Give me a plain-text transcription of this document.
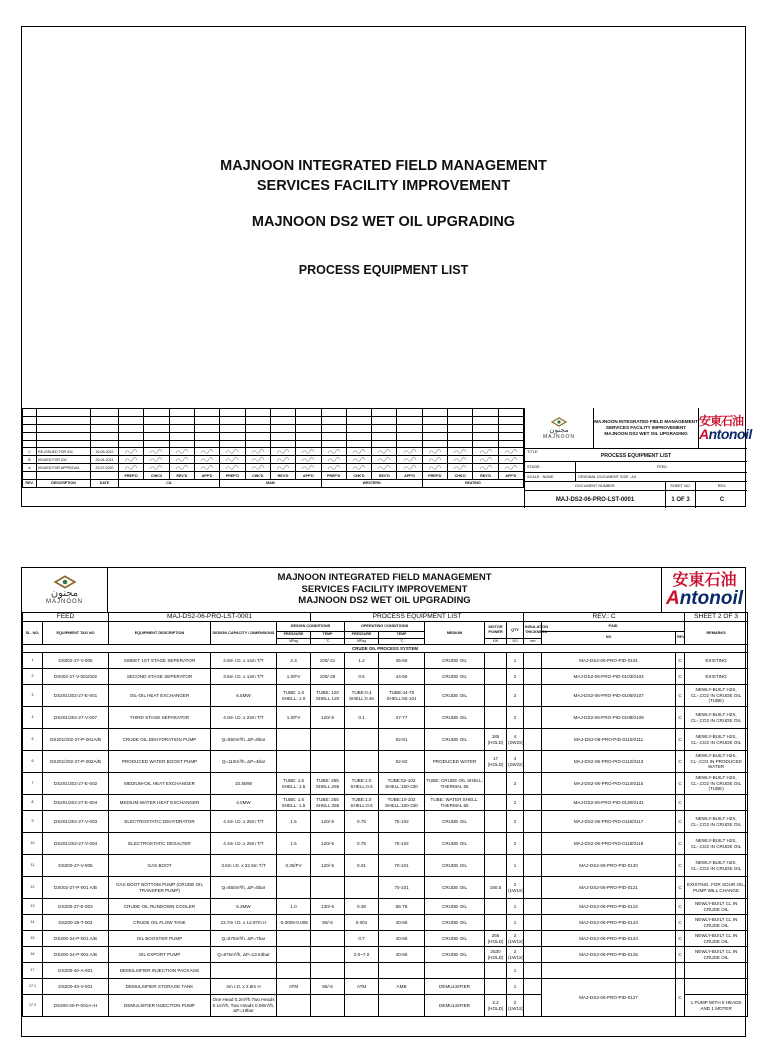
MAJNOON INTEGRATED FIELD MANAGEMENT
SERVICES FACILITY IMPROVEMENT
MAJNOON DS2 WET OIL UPGRADING
PROCESS EQUIPMENT LIST

C	RE-ISSUED FOR IDC	16.05.2022																
B	ISSUED FOR IDC	29.04.2021																
A	ISSUED FOR APPROVAL	23.07.2020																
			PREP'D	CHK'D	REV'D	APP'D	PREP'D	CHK'D	REV'D	APP'D	PREP'D	CHK'D	REV'D	APP'D	PREP'D	CHK'D	REV'D	APP'D
REV.	DESCRIPTION	DATE	CIL				MAM				WESTERN				HEATING			
ﻣﺠﻨﻮﻥ
MAJNOON
MAJNOON INTEGRATED FIELD MANAGEMENT
SERVICES FACILITY IMPROVEMENT
MAJNOON DS2 WET OIL UPGRADING
安東石油
Antonoil
TITLE:
PROCESS EQUIPMENT LIST
STAGE:	FEED
SCALE : NONE	ORIGINAL DOCUMENT SIZE : A3
DOCUMENT NUMBER	SHEET NO.	REV.
MAJ-DS2-06-PRO-LST-0001	1 OF 3	C
ﻣﺠﻨﻮﻥ
MAJNOON
MAJNOON INTEGRATED FIELD MANAGEMENT
SERVICES FACILITY IMPROVEMENT
MAJNOON DS2 WET OIL UPGRADING
安東石油
Antonoil
FEED		MAJ-DS2-06-PRO-LST-0001			PROCESS EQUIPMENT LIST						REV.: C			SHEET 2 OF 3
SL. NO.	EQUIPMENT TAG NO	EQUIPMENT DESCRIPTION	DESIGN CAPACITY / DIMENSIONS	DESIGN CONDITIONS		OPERATING CONDITIONS		MEDIUM	MOTOR POWER	QTY	INSULATION THICKNESS	P&ID		REMARKS
				PRESSURE	TEMP	PRESSURE	TEMP					NO	REV	
				MPag	°C	MPag	°C		KW	NO	mm			
CRUDE OIL PROCESS SYSTEM														
1	DS002-27-V-005	SWEET 1ST STAGE SEPERATOR	2.8m I.D. x 14m T/T	2.3	100/-21	1.2	45-65	CRUDE OIL		1		MAJ-DS2-06-PRO-PID-0101	C	EXISTING
2	DS002-27-V-001/002	SECOND STAGE SEPERATOR	3.5m I.D. x 13m T/T	1.0/FV	100/-29	0.5	44-65	CRUDE OIL		2		MAJ-DS2-06-PRO-PID-0103/0104	C	EXISTING
3	DS201/202-27-E-001	OIL-OIL HEAT EXCHANGER	6.5MW	TUBE: 1.0 SHELL: 1.0	TUBE: 120 SHELL 120	TUBE:0.4 SHELL:0.46	TUBE:44-76 SHELL:65-101	CRUDE OIL		2		MAJ-DS2-06-PRO-PID-0106/0107	C	NEWLY-BUILT H2S, CL-,CO2 IN CRUDE OIL (TUBE)
4	DS201/202-27-V-007	THIRD STAGE SEPARATOR	4.0m I.D. x 23m T/T	1.0/FV	120/-5	0.1	47-77	CRUDE OIL		2		MAJ-DS2-06-PRO-PID-0108/0109	C	NEWLY-BUILT H2S, CL-,CO2 IN CRUDE OIL
5	DS201/202-27-P-001A/B	CRUDE OIL DEHYDRATION PUMP	Q=550m³/h, ΔP=8bar				52-81	CRUDE OIL	185 (HOLD)	4 (2W2S)		MAJ-DS2-06-PRO-PID-0110/0111	C	NEWLY-BUILT H2S, CL-,CO2 IN CRUDE OIL
6	DS201/202-27-P-002A/B	PRODUCED WATER BOOST PUMP	Q=110m³/h, ΔP=4bar				52-82	PRODUCED WATER	17 (HOLD)	4 (2W2S)		MAJ-DS2-06-PRO-PID-0112/0113	C	NEWLY-BUILT H2S, CL-,CO2 IN PRODUCED WATER
7	DS201/202-27-E-002	MEDIUM-OIL HEAT EXCHANGER	10.5MW	TUBE: 1.5 SHELL: 1.5	TUBE: 255 SHELL 255	TUBE:1.0 SHELL:0.6	TUBE:52-102 SHELL:150-230	TUBE: CRUDE OIL SHELL: THERMAL 55		2		MAJ-DS2-06-PRO-PID-0114/0115	C	NEWLY-BUILT H2S, CL-,CO2 IN CRUDE OIL (TUBE)
8	DS201/202-27-E-004	MEDIUM-WATER HEAT EXCHANGER	4.0MW	TUBE: 1.5 SHELL: 1.5	TUBE: 255 SHELL 255	TUBE:1.0 SHELL:0.6	TUBE:10-102 SHELL:150-230	TUBE: WATER SHELL: THERMAL 55		2		MAJ-DS2-06-PRO-PID-0130/0131	C	
9	DS201/202-27-V-003	ELECTROSTATIC DEHYDRATOR	4.4m I.D. x 25m T/T	1.5	120/-5	0.75	75-102	CRUDE OIL		2		MAJ-DS2-06-PRO-PID-0116/0117	C	NEWLY-BUILT H2S, CL-,CO2 IN CRUDE OIL
10	DS201/202-27-V-004	ELECTROSTATIC DESALTER	4.4m I.D. x 25m T/T	1.5	120/-5	0.75	75-102	CRUDE OIL		2		MAJ-DS2-06-PRO-PID-0118/0119	C	NEWLY-BUILT H2S, CL-,CO2 IN CRUDE OIL
11	DS200-27-V-005	GAS BOOT	3.5m I.D. x 22.5m T/T	0.35/FV	120/-5	0.01	70-101	CRUDE OIL		1		MAJ-DS2-06-PRO-PID-0120	C	NEWLY-BUILT H2S, CL-,CO2 IN CRUDE OIL
12	DS002-27-P-001 A/B	GAS BOOT BOTTOM PUMP (CRUDE OIL TRANSFER PUMP)	Q=650m³/h, ΔP=5bar				70-101	CRUDE OIL	160.5	2 (1W1S)		MAJ-DS2-06-PRO-PID-0121	C	EXISTING. FOR SOUR OIL, PUMP WILL CHANGE
13	DS200-27-E-003	CRUDE OIL RUNDOWN COOLER	5.3MW	1.0	130/-5	0.38	65-78	CRUDE OIL		1		MAJ-DS2-06-PRO-PID-0122	C	NEWLY-BUILT CL IN CRUDE OIL
14	DS200-25-T-003	CRUDE OIL FLOW TANK	23.7m I.D. x 12.87m H	-0.0005-0.008	90/-5	0.001	40-65	CRUDE OIL		1		MAJ-DS2-06-PRO-PID-0123	C	NEWLY-BUILT CL IN CRUDE OIL
15	DS200-24-P-001 A/B	OIL BOOSTER PUMP	Q=875m³/h, ΔP=7bar			0.7	40-65	CRUDE OIL	255 (HOLD)	2 (1W1S)		MAJ-DS2-06-PRO-PID-0124	C	NEWLY-BUILT CL IN CRUDE OIL
16	DS200-24-P-002 A/B	OIL EXPORT PUMP	Q=875m³/h, ΔP=13.63bar			2.0~7.0	40-65	CRUDE OIL	2530 (HOLD)	2 (1W1S)		MAJ-DS2-06-PRO-PID-0125	C	NEWLY-BUILT CL IN CRUDE OIL
17	DS200-40-A-001	DEMULSIFIER INJECTION PACKAGE								1				
17.1	DS200-40-V-001	DEMULSIFIER STORAGE TANK	4m I.D. x 2.8m H	ATM	85/-5	ATM	AMB	DEMULSIFIER		1		MAJ-DS2-06-PRO-PID-0127	C	
17.2	DS200-40-P-001A~H	DEMULSIFIER INJECTION PUMP	One Head 0.2m³/h,Two Heads 0.1m³/h, Two Heads 0.08m³/h, ΔP=19bar					DEMULSIFIER	2.2 (HOLD)	2 (1W1S)				1 PUMP WITH 5 HEADS AND 1 MOTER
